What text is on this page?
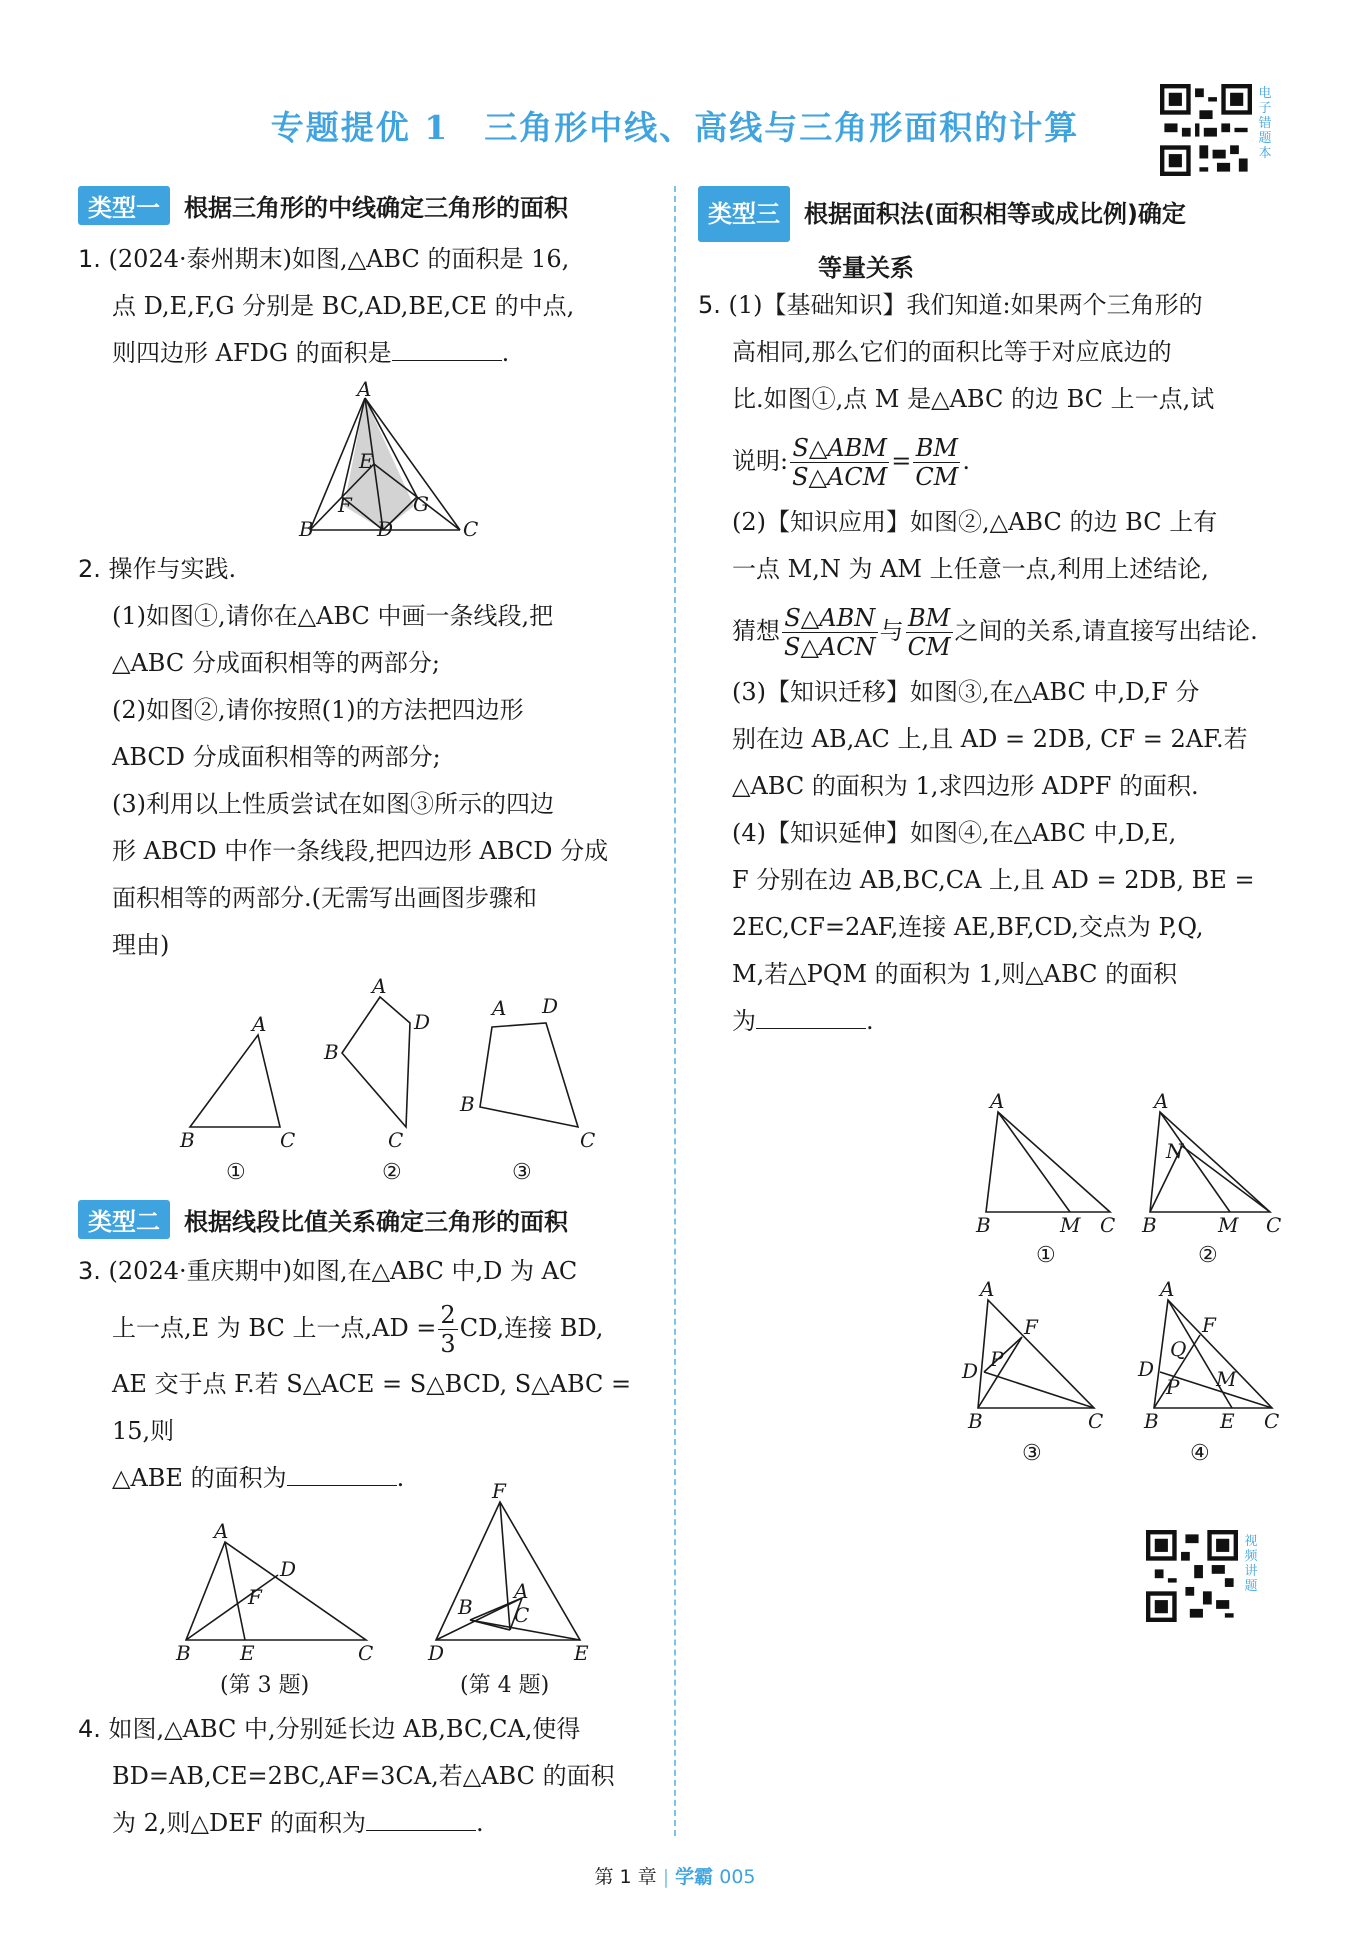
专题提优 1　三角形中线、高线与三角形面积的计算
电子错题本
视频讲题
类型一 根据三角形的中线确定三角形的面积
1. (2024·泰州期末)如图,△ABC 的面积是 16,
点 D,E,F,G 分别是 BC,AD,BE,CE 的中点,
则四边形 AFDG 的面积是	.
A
B	C
D
E
F	G
2. 操作与实践.
(1)如图①,请你在△ABC 中画一条线段,把
△ABC 分成面积相等的两部分;
(2)如图②,请你按照(1)的方法把四边形
ABCD 分成面积相等的两部分;
(3)利用以上性质尝试在如图③所示的四边
形 ABCD 中作一条线段,把四边形 ABCD 分成
面积相等的两部分.(无需写出画图步骤和
理由)
A
B	C
①
A
D
B
C
②
A D
B
C
③
类型二 根据线段比值关系确定三角形的面积
3. (2024·重庆期中)如图,在△ABC 中,D 为 AC
上一点,E 为 BC 上一点$,AD = \frac{2}{3}$ CD,连接 BD,
AE 交于点 F.若 S△ACE = S△BCD, S△ABC = 15,则
△ABE 的面积为	.
A
D
F
B E	C
(第 3 题)
F
A
B C
D	E
(第 4 题)
4. 如图,△ABC 中,分别延长边 AB,BC,CA,使得
BD=AB,CE=2BC,AF=3CA,若△ABC 的面积
为 2,则△DEF 的面积为	.
类型三 根据面积法(面积相等或成比例)确定
等量关系
5. (1)【基础知识】我们知道:如果两个三角形的
高相同,那么它们的面积比等于对应底边的
比.如图①,点 M 是△ABC 的边 BC 上一点,试
说明: $\frac{\text{S△ABM}}{\text{S△ACM}} = \frac{BM}{CM}$ .
(2)【知识应用】如图②,△ABC 的边 BC 上有
一点 M,N 为 AM 上任意一点,利用上述结论,
猜想 $\frac{\text{S△ABN}}{\text{S△ACN}}$ 与 $\frac{BM}{CM}$ 之间的关系,请直接写出结论.
(3)【知识迁移】如图③,在△ABC 中,D,F 分
别在边 AB,AC 上,且 AD = 2DB, CF = 2AF.若
△ABC 的面积为 1,求四边形 ADPF 的面积.
(4)【知识延伸】如图④,在△ABC 中,D,E,
F 分别在边 AB,BC,CA 上,且 AD = 2DB, BE =
2EC,CF=2AF,连接 AE,BF,CD,交点为 P,Q,
M,若△PQM 的面积为 1,则△ABC 的面积
为	.
A
B	M C
①
A
N
B	M C
②
A
F
D P
B	C
③
A
F
Q
D
P M
B	E C
④
第 1 章 | 学霸 005
